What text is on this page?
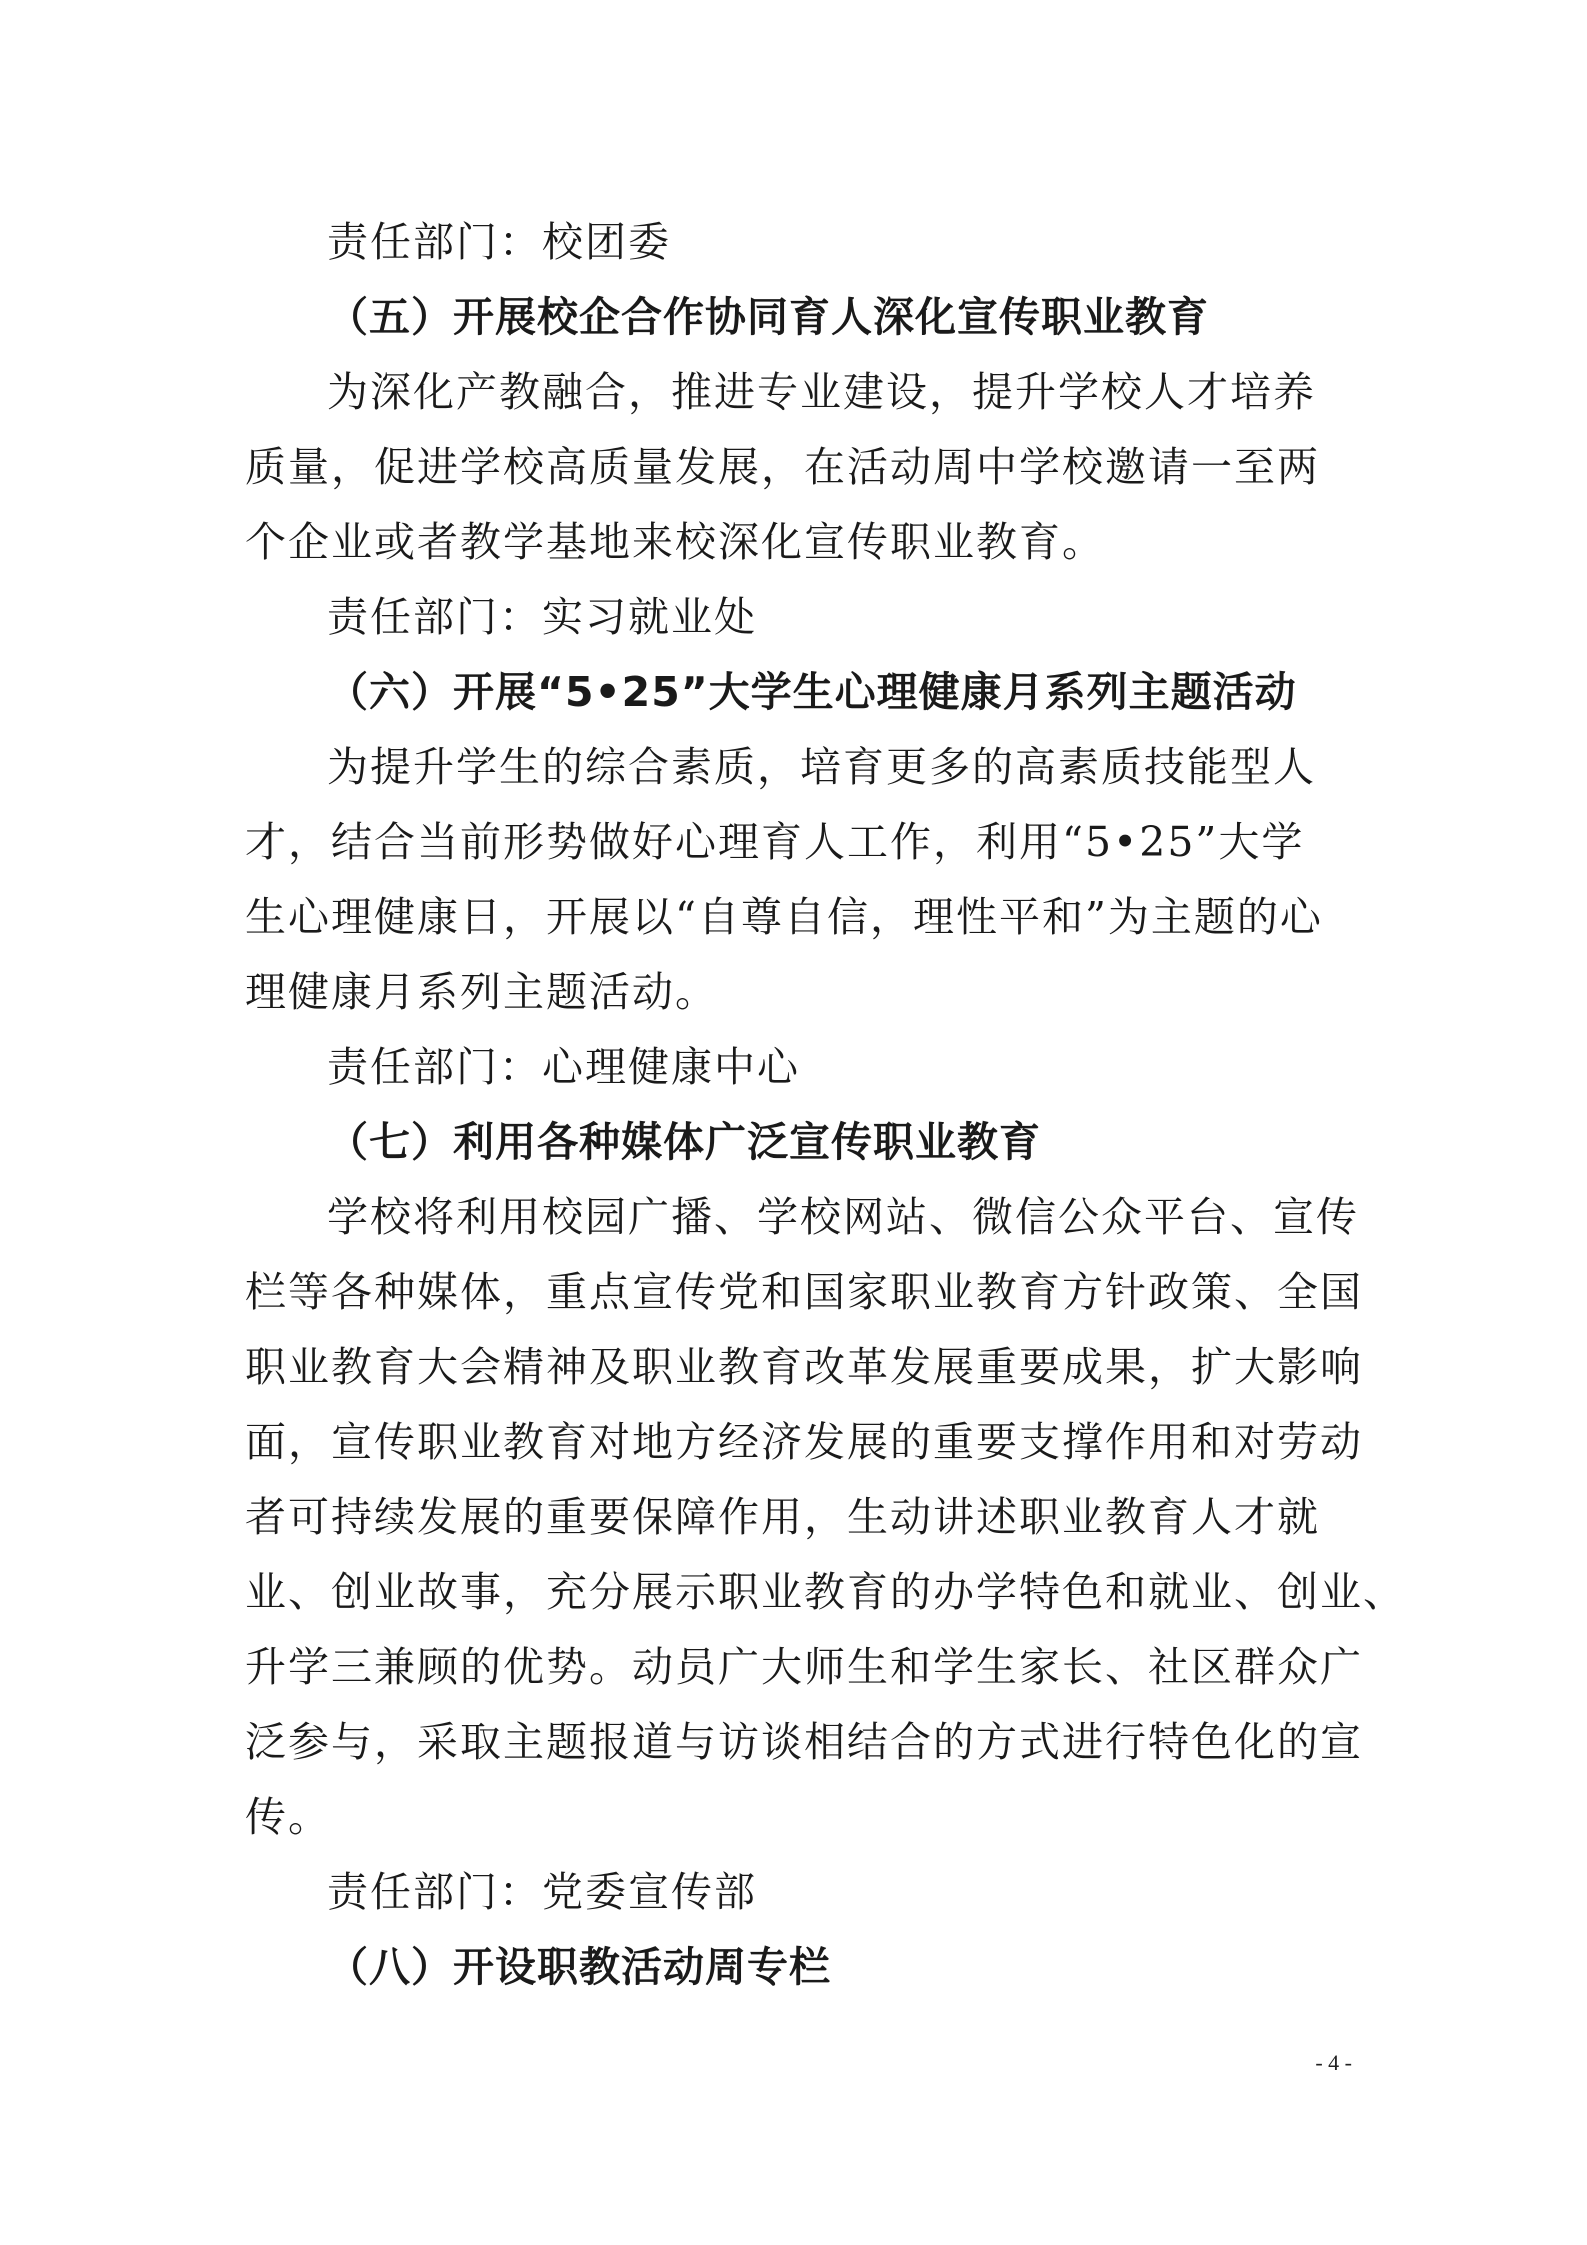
责任部门：校团委
（五）开展校企合作协同育人深化宣传职业教育
为深化产教融合，推进专业建设，提升学校人才培养
质量，促进学校高质量发展，在活动周中学校邀请一至两
个企业或者教学基地来校深化宣传职业教育。
责任部门：实习就业处
（六）开展“5•25”大学生心理健康月系列主题活动
为提升学生的综合素质，培育更多的高素质技能型人
才，结合当前形势做好心理育人工作，利用“5•25”大学
生心理健康日，开展以“自尊自信，理性平和”为主题的心
理健康月系列主题活动。
责任部门：心理健康中心
（七）利用各种媒体广泛宣传职业教育
学校将利用校园广播、学校网站、微信公众平台、宣传
栏等各种媒体，重点宣传党和国家职业教育方针政策、全国
职业教育大会精神及职业教育改革发展重要成果，扩大影响
面，宣传职业教育对地方经济发展的重要支撑作用和对劳动
者可持续发展的重要保障作用，生动讲述职业教育人才就
业、创业故事，充分展示职业教育的办学特色和就业、创业、
升学三兼顾的优势。动员广大师生和学生家长、社区群众广
泛参与，采取主题报道与访谈相结合的方式进行特色化的宣
传。
责任部门：党委宣传部
（八）开设职教活动周专栏
- 4 -
